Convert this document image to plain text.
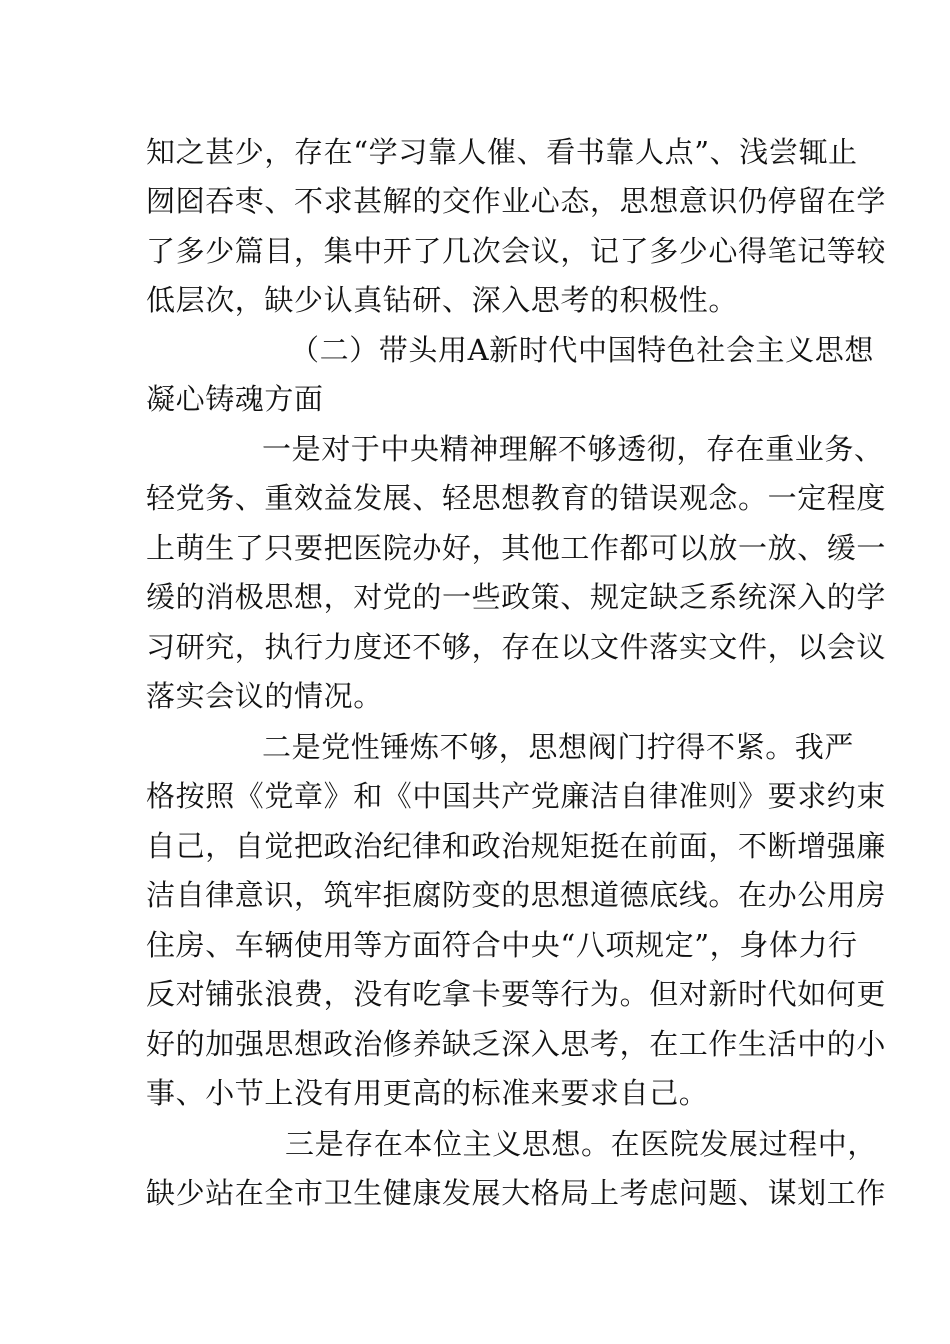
知之甚少，存在“学习靠人催、看书靠人点”、浅尝辄止
囫囵吞枣、不求甚解的交作业心态，思想意识仍停留在学
了多少篇目，集中开了几次会议，记了多少心得笔记等较
低层次，缺少认真钻研、深入思考的积极性。
（二）带头用A新时代中国特色社会主义思想
凝心铸魂方面
一是对于中央精神理解不够透彻，存在重业务、
轻党务、重效益发展、轻思想教育的错误观念。一定程度
上萌生了只要把医院办好，其他工作都可以放一放、缓一
缓的消极思想，对党的一些政策、规定缺乏系统深入的学
习研究，执行力度还不够，存在以文件落实文件，以会议
落实会议的情况。
二是党性锤炼不够，思想阀门拧得不紧。我严
格按照《党章》和《中国共产党廉洁自律准则》要求约束
自己，自觉把政治纪律和政治规矩挺在前面，不断增强廉
洁自律意识，筑牢拒腐防变的思想道德底线。在办公用房
住房、车辆使用等方面符合中央“八项规定”，身体力行
反对铺张浪费，没有吃拿卡要等行为。但对新时代如何更
好的加强思想政治修养缺乏深入思考，在工作生活中的小
事、小节上没有用更高的标准来要求自己。
三是存在本位主义思想。在医院发展过程中，
缺少站在全市卫生健康发展大格局上考虑问题、谋划工作
